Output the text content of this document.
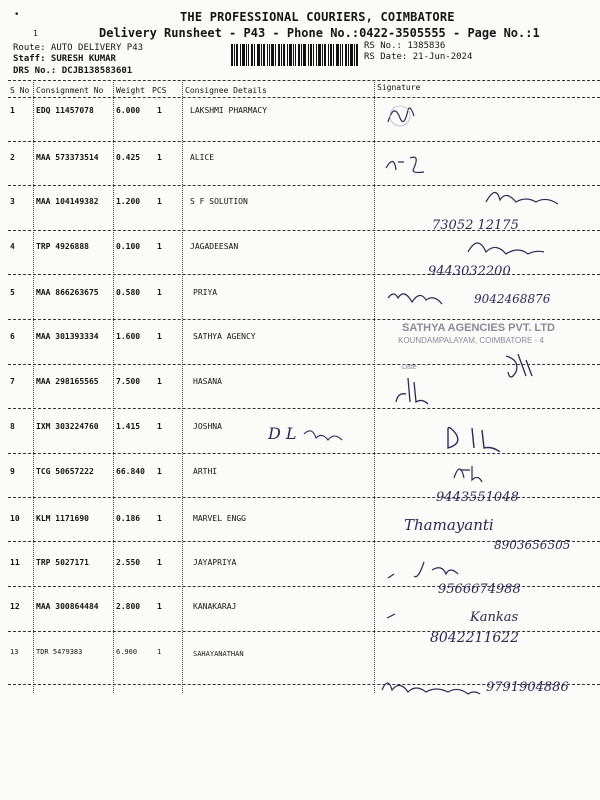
•
1
THE PROFESSIONAL COURIERS, COIMBATORE
Delivery Runsheet - P43 - Phone No.:0422-3505555 - Page No.:1
Route: AUTO DELIVERY P43
Staff: SURESH KUMAR
DRS No.: DCJB138583601
RS No.: 1385836
RS Date: 21-Jun-2024
S No Consignment No Weight PCS Consignee Details	Signature
1	EDQ 11457078	6.000 1	LAKSHMI PHARMACY
2	MAA 573373514 0.425 1	ALICE
3	MAA 104149382 1.200 1	S F SOLUTION
4	TRP 4926888	0.100 1	JAGADEESAN
5	MAA 866263675 0.580 1	PRIYA
6	MAA 301393334 1.600 1	SATHYA AGENCY
7	MAA 298165565 7.500 1	HASANA
8	IXM 303224760 1.415 1	JOSHNA
9	TCG 50657222	66.840 1	ARTHI
10 KLM 1171690	0.186 1	MARVEL ENGG
11 TRP 5027171	2.550 1	JAYAPRIYA
12 MAA 300864484 2.800 1	KANAKARAJ
13	TDR 5479383	6.900	1	SAHAYANATHAN
73052 12175
9443032200
9042468876
SATHYA AGENCIES PVT. LTD
KOUNDAMPALAYAM, COIMBATORE - 4
Date
D L
9443551048
Thamayanti
8903656505
9566674988
Kankas
8042211622
9791904886
